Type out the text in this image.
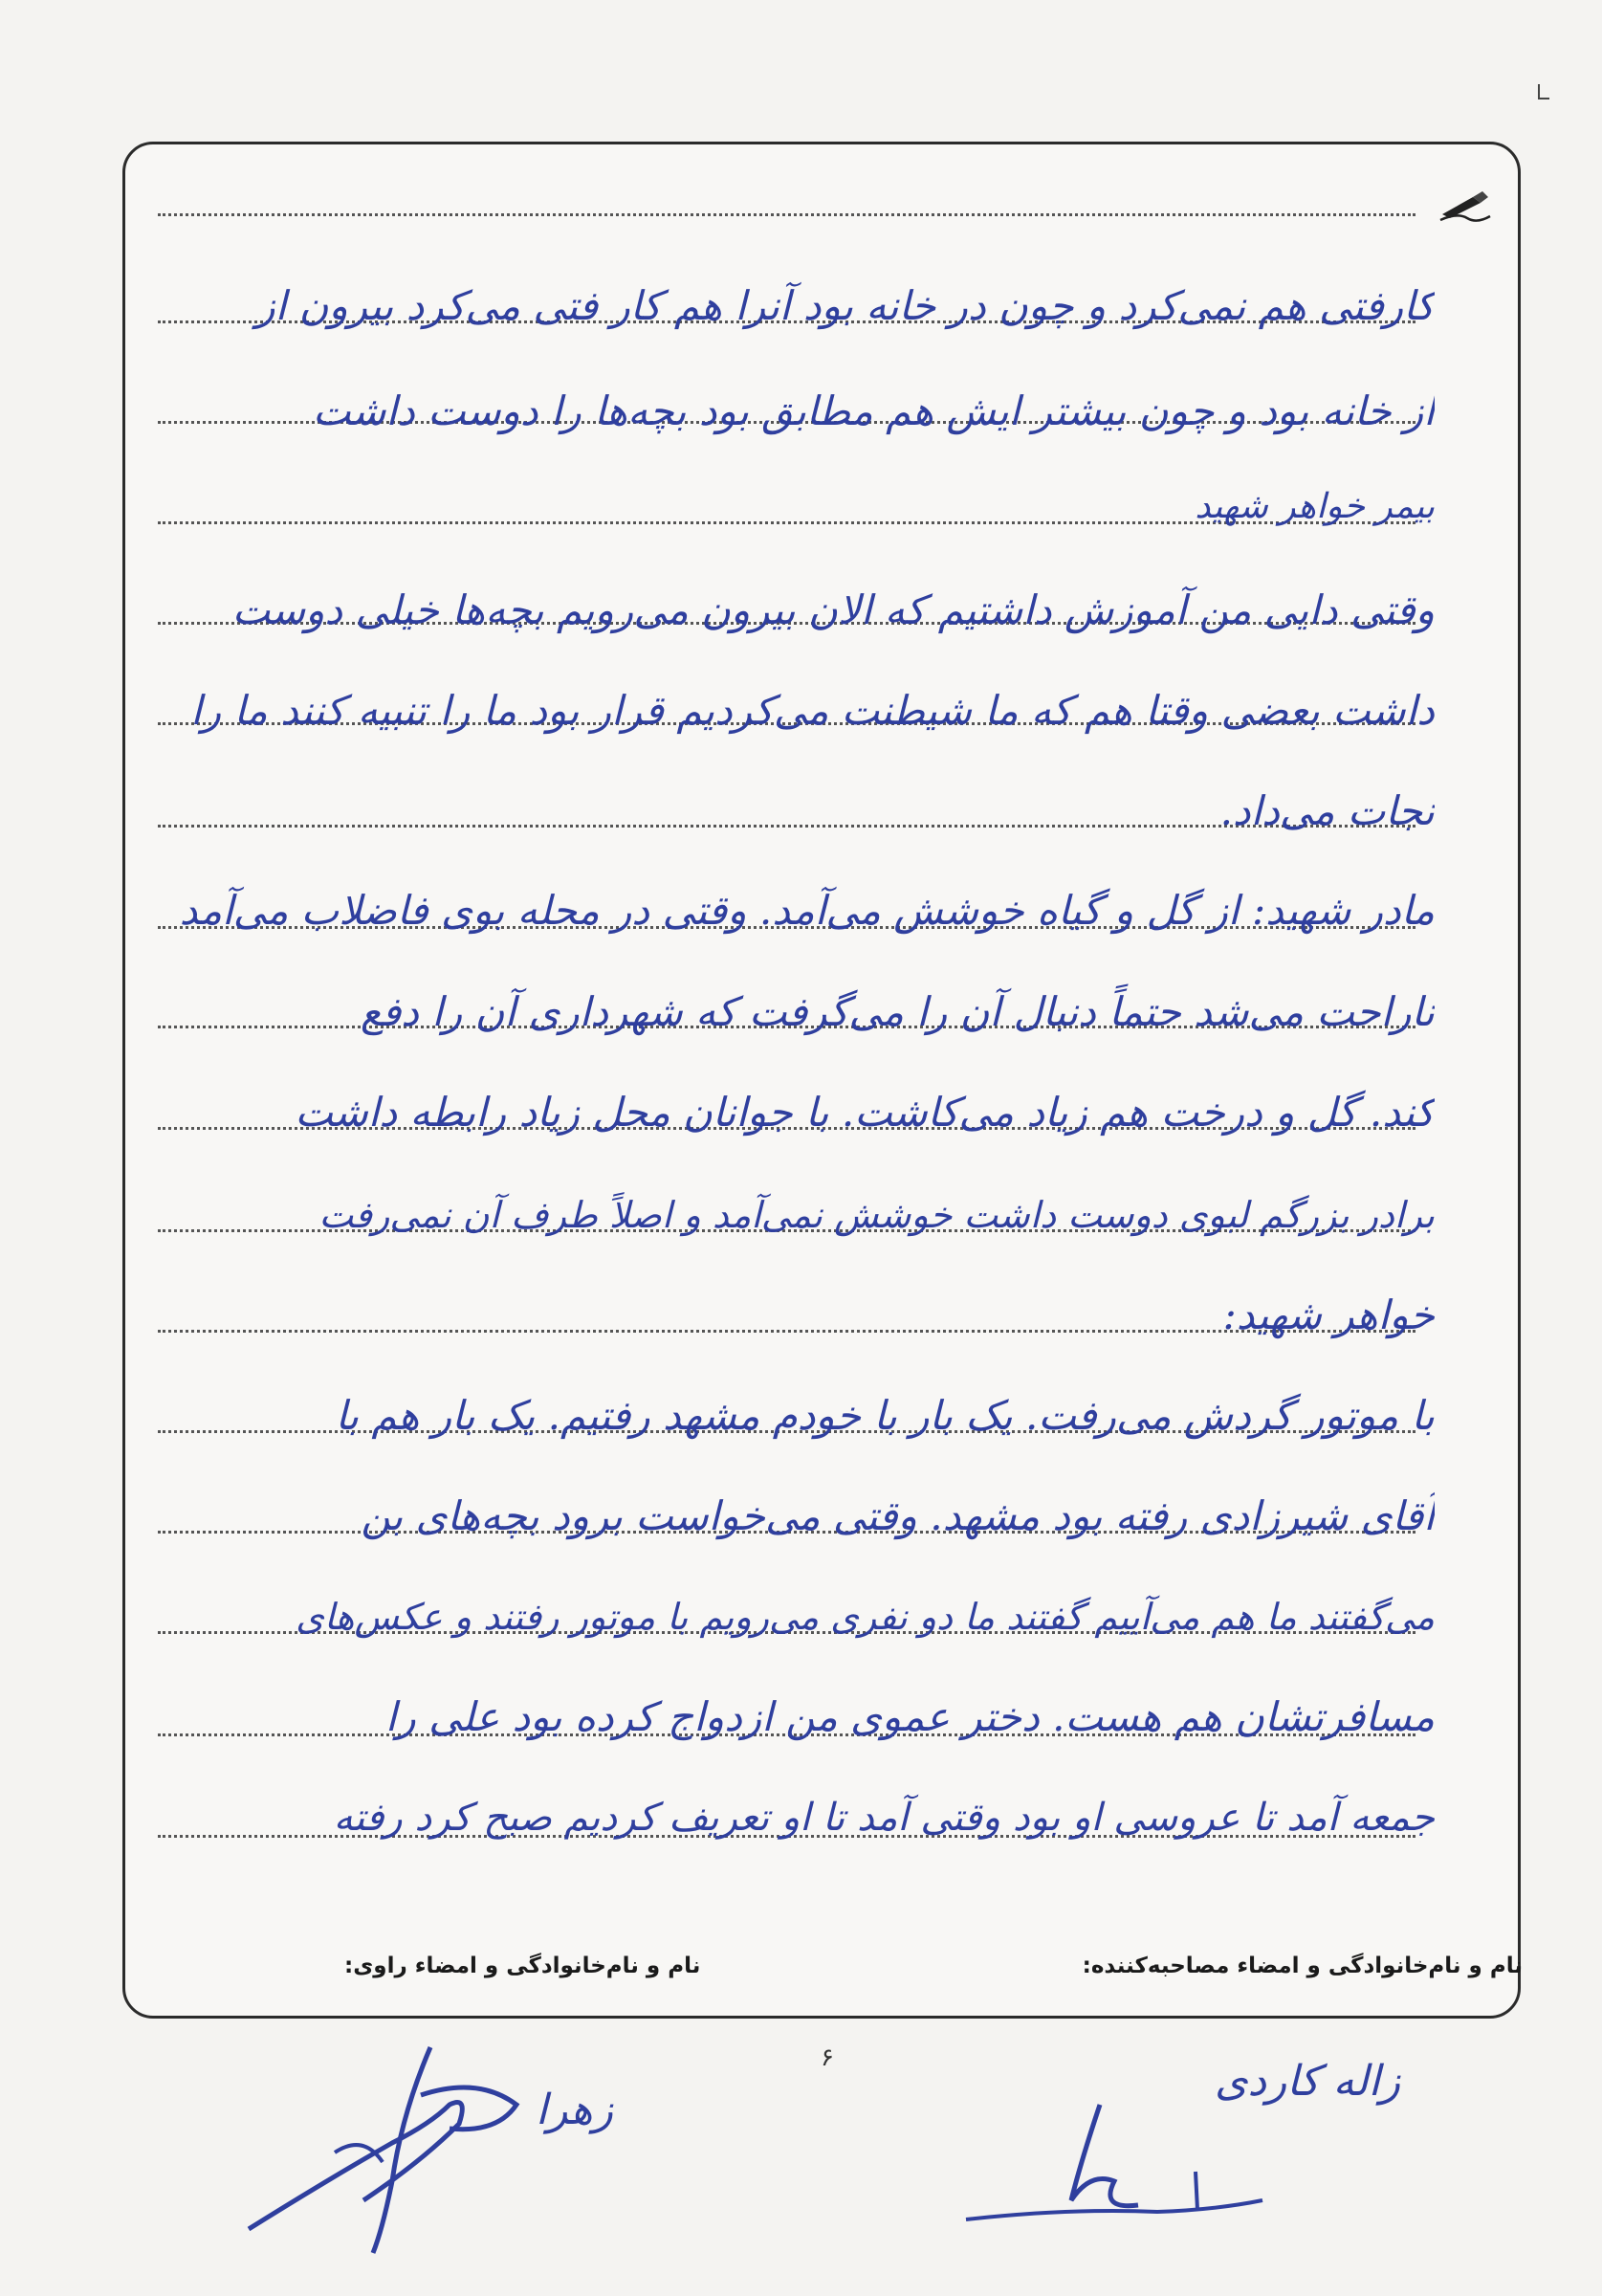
کارفتی هم نمی‌کرد و چون در خانه بود آنرا هم کار فتی می‌کرد بیرون از
از خانه بود و چون بیشتر ایش هم مطابق بود بچه‌ها را دوست داشت
بیمر خواهر شهید
وقتی دایی من آموزش داشتیم که الان بیرون می‌رویم بچه‌ها خیلی دوست
داشت بعضی وقتا هم که ما شیطنت می‌کردیم قرار بود ما را تنبیه کنند ما را
نجات می‌داد.
مادر شهید: از گل و گیاه خوشش می‌آمد. وقتی در محله بوی فاضلاب می‌آمد
ناراحت می‌شد حتماً دنبال آن را می‌گرفت که شهرداری آن را دفع
کند. گل و درخت هم زیاد می‌کاشت. با جوانان محل زیاد رابطه داشت
برادر بزرگم لبوی دوست داشت خوشش نمی‌آمد و اصلاً طرف آن نمی‌رفت
خواهر شهید:
با موتور گردش می‌رفت. یک بار با خودم مشهد رفتیم. یک بار هم با
آقای شیرزادی رفته بود مشهد. وقتی می‌خواست برود بچه‌های بن
می‌گفتند ما هم می‌آییم گفتند ما دو نفری می‌رویم با موتور رفتند و عکس‌های
مسافرتشان هم هست. دختر عموی من ازدواج کرده بود علی را
جمعه آمد تا عروسی او بود وقتی آمد تا او تعریف کردیم صبح کرد رفته
نام و نام‌خانوادگی و امضاء مصاحبه‌کننده:
نام و نام‌خانوادگی و امضاء راوی:
۶	زاله کاردی
زهرا
